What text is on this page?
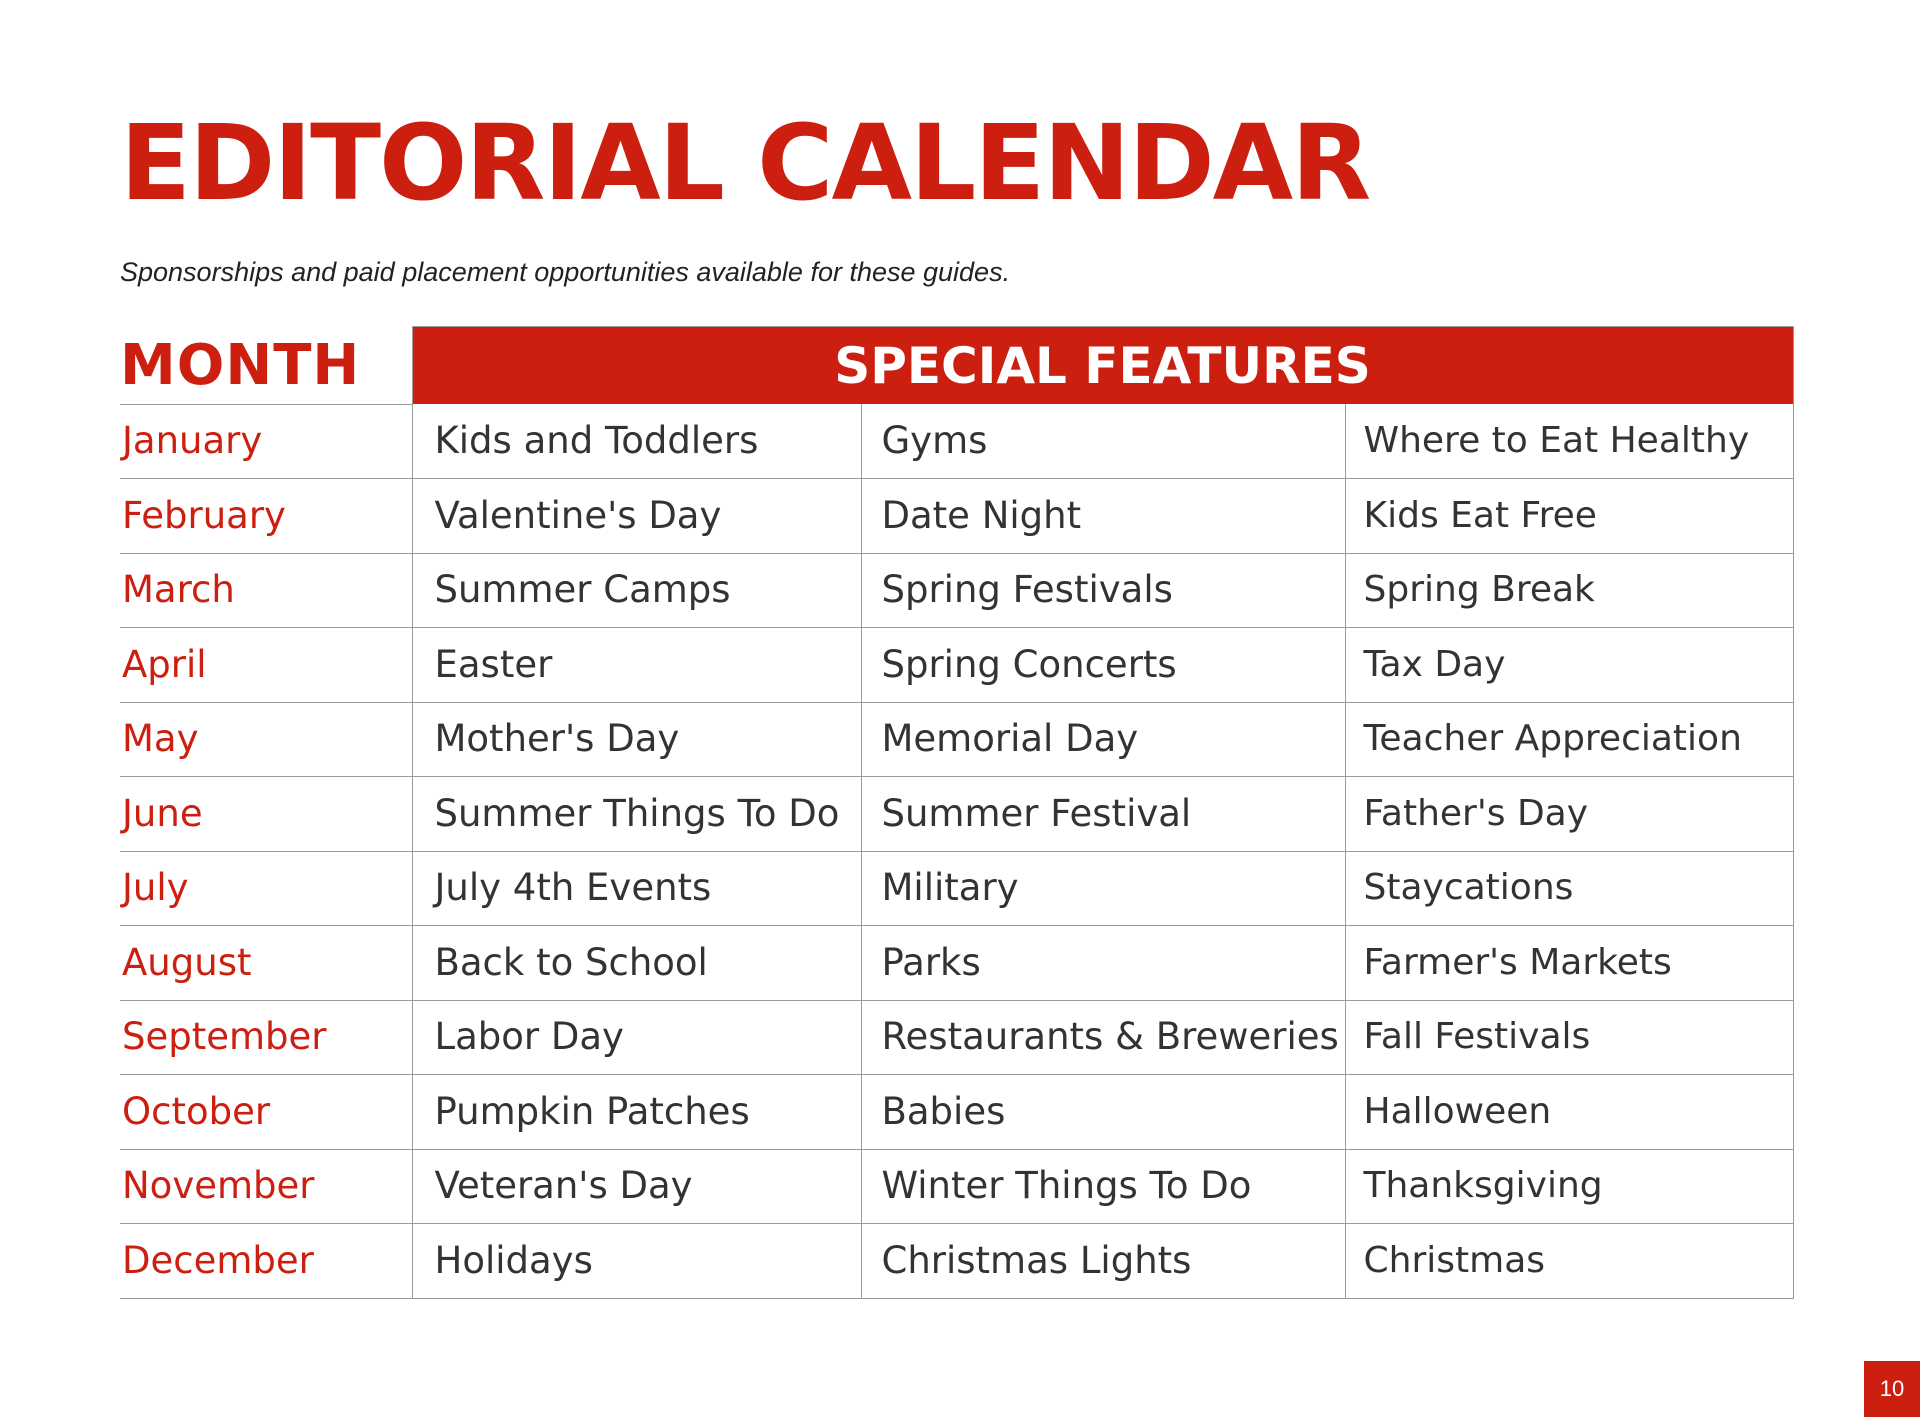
EDITORIAL CALENDAR

Sponsorships and paid placement opportunities available for these guides.

MONTH	SPECIAL FEATURES		
January	Kids and Toddlers	Gyms	Where to Eat Healthy
February	Valentine's Day	Date Night	Kids Eat Free
March	Summer Camps	Spring Festivals	Spring Break
April	Easter	Spring Concerts	Tax Day
May	Mother's Day	Memorial Day	Teacher Appreciation
June	Summer Things To Do	Summer Festival	Father's Day
July	July 4th Events	Military	Staycations
August	Back to School	Parks	Farmer's Markets
September	Labor Day	Restaurants & Breweries	Fall Festivals
October	Pumpkin Patches	Babies	Halloween
November	Veteran's Day	Winter Things To Do	Thanksgiving
December	Holidays	Christmas Lights	Christmas
10
